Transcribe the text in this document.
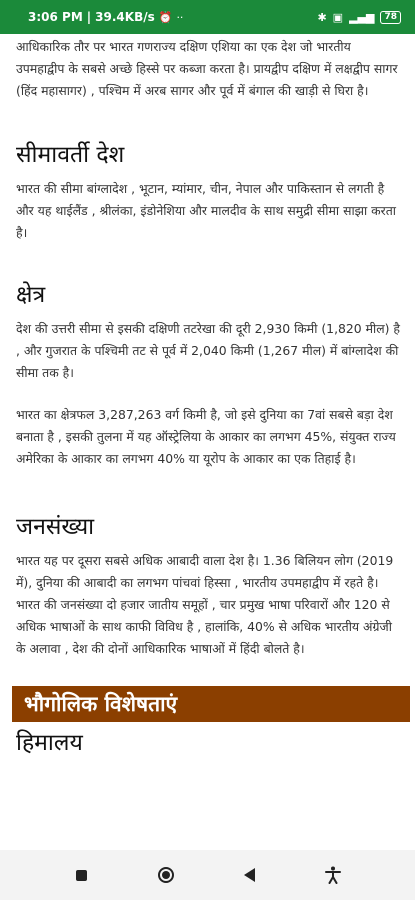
3:06 PM | 39.4KB/s ⏰ ··	✱ ▣ ▂▄▆	78

आधिकारिक तौर पर भारत गणराज्य दक्षिण एशिया का एक देश जो भारतीय उपमहाद्वीप के सबसे अच्छे हिस्से पर कब्जा करता है। प्रायद्वीप दक्षिण में लक्षद्वीप सागर (हिंद महासागर) , पश्चिम में अरब सागर और पूर्व में बंगाल की खाड़ी से घिरा है।

सीमावर्ती देश

भारत की सीमा बांग्लादेश , भूटान, म्यांमार, चीन, नेपाल और पाकिस्तान से लगती है और यह थाईलैंड , श्रीलंका, इंडोनेशिया और मालदीव के साथ समुद्री सीमा साझा करता है।

क्षेत्र

देश की उत्तरी सीमा से इसकी दक्षिणी तटरेखा की दूरी 2,930 किमी (1,820 मील) है , और गुजरात के पश्चिमी तट से पूर्व में 2,040 किमी (1,267 मील) में बांग्लादेश की सीमा तक है।

भारत का क्षेत्रफल 3,287,263 वर्ग किमी है, जो इसे दुनिया का 7वां सबसे बड़ा देश बनाता है , इसकी तुलना में यह ऑस्ट्रेलिया के आकार का लगभग 45%, संयुक्त राज्य अमेरिका के आकार का लगभग 40% या यूरोप के आकार का एक तिहाई है।

जनसंख्या

भारत यह पर दूसरा सबसे अधिक आबादी वाला देश है। 1.36 बिलियन लोग (2019 में), दुनिया की आबादी का लगभग पांचवां हिस्सा , भारतीय उपमहाद्वीप में रहते है।

भारत की जनसंख्या दो हजार जातीय समूहों , चार प्रमुख भाषा परिवारों और 120 से अधिक भाषाओं के साथ काफी विविध है , हालांकि, 40% से अधिक भारतीय अंग्रेजी के अलावा , देश की दोनों आधिकारिक भाषाओं में हिंदी बोलते है।

भौगोलिक विशेषताएं
हिमालय
